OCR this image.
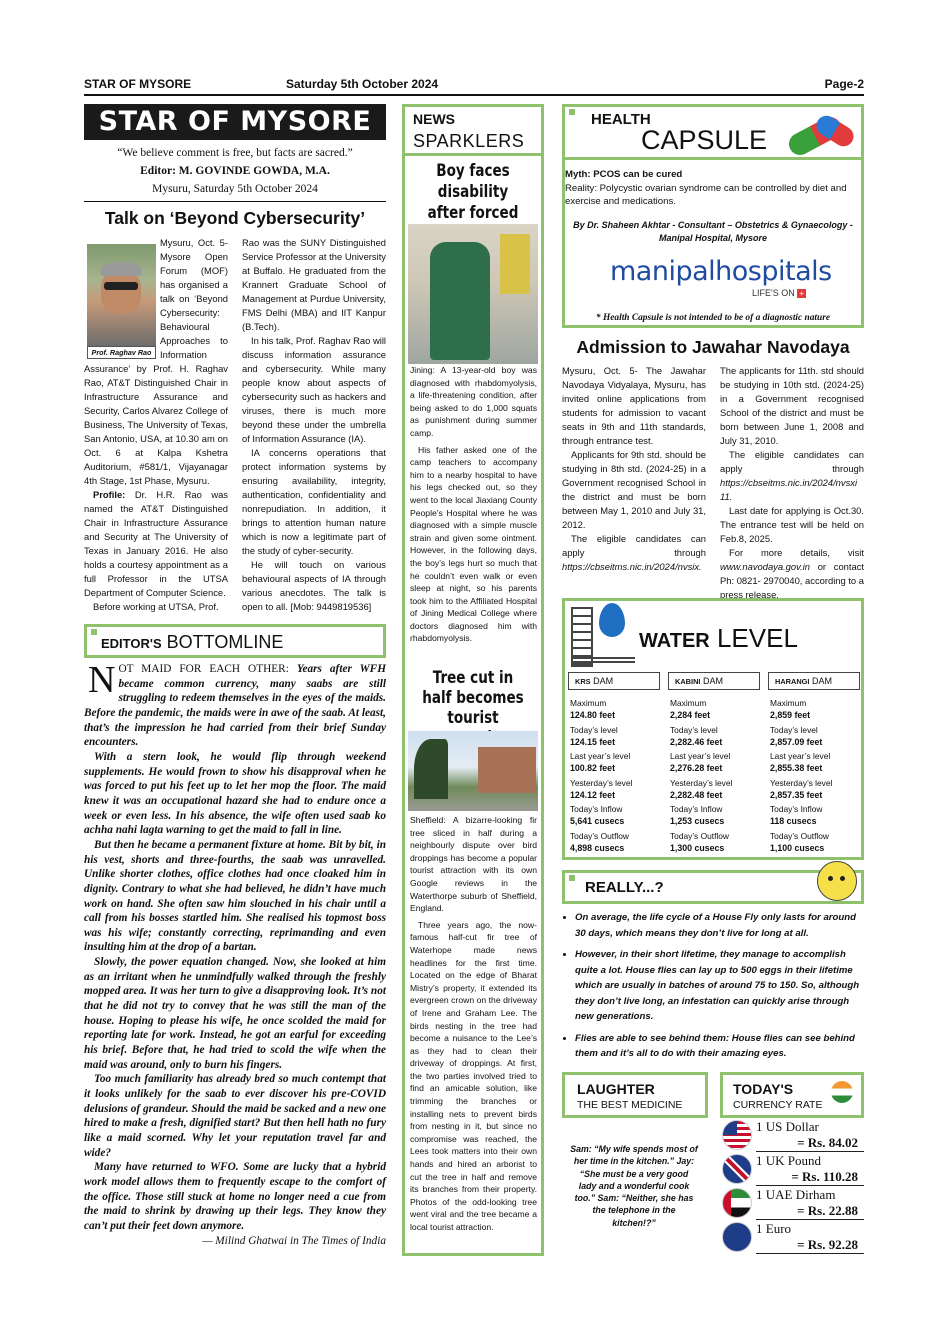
STAR OF MYSORE	Saturday 5th October 2024	Page-2
STAR OF MYSORE
“We believe comment is free, but facts are sacred.”
Editor: M. GOVINDE GOWDA, M.A.
Mysuru, Saturday 5th October 2024
Talk on ‘Beyond Cybersecurity’
Prof. Raghav Rao
Mysuru, Oct. 5- Mysore Open Forum (MOF) has organised a talk on ‘Beyond Cybersecurity: Behavioural Approaches to Information

Assurance’ by Prof. H. Raghav Rao, AT&T Distinguished Chair in Infrastructure Assurance and Security, Carlos Alvarez College of Business, The University of Texas, San Antonio, USA, at 10.30 am on Oct. 6 at Kalpa Kshetra Auditorium, #581/1, Vijayanagar 4th Stage, 1st Phase, Mysuru.

Profile: Dr. H.R. Rao was named the AT&T Distinguished Chair in Infrastructure Assurance and Security at The University of Texas in January 2016. He also holds a courtesy appointment as a full Professor in the UTSA Department of Computer Science.

Before working at UTSA, Prof.

Rao was the SUNY Distinguished Service Professor at the University at Buffalo. He graduated from the Krannert Graduate School of Management at Purdue University, FMS Delhi (MBA) and IIT Kanpur (B.Tech).

In his talk, Prof. Raghav Rao will discuss information assurance and cybersecurity. While many people know about aspects of cybersecurity such as hackers and viruses, there is much more beyond these under the umbrella of Information Assurance (IA).

IA concerns operations that protect information systems by ensuring availability, integrity, authentication, confidentiality and nonrepudiation. In addition, it brings to attention human nature which is now a legitimate part of the study of cyber-security.

He will touch on various behavioural aspects of IA through various anecdotes. The talk is open to all. [Mob: 9449819536]

EDITOR'S BOTTOMLINE

NOT MAID FOR EACH OTHER: Years after WFH became common currency, many saabs are still struggling to redeem themselves in the eyes of the maids. Before the pandemic, the maids were in awe of the saab. At least, that’s the impression he had carried from their brief Sunday encounters.

With a stern look, he would flip through weekend supplements. He would frown to show his disapproval when he was forced to put his feet up to let her mop the floor. The maid knew it was an occupational hazard she had to endure once a week or even less. In his absence, the wife often used saab ko achha nahi lagta warning to get the maid to fall in line.

But then he became a permanent fixture at home. Bit by bit, in his vest, shorts and three-fourths, the saab was unravelled. Unlike shorter clothes, office clothes had once cloaked him in dignity. Contrary to what she had believed, he didn’t have much work on hand. She often saw him slouched in his chair until a call from his bosses startled him. She realised his topmost boss was his wife; constantly correcting, reprimanding and even insulting him at the drop of a bartan.

Slowly, the power equation changed. Now, she looked at him as an irritant when he unmindfully walked through the freshly mopped area. It was her turn to give a disapproving look. It’s not that he did not try to convey that he was still the man of the house. Hoping to please his wife, he once scolded the maid for reporting late for work. Instead, he got an earful for exceeding his brief. Before that, he had tried to scold the wife when the maid was around, only to burn his fingers.

Too much familiarity has already bred so much contempt that it looks unlikely for the saab to ever discover his pre-COVID delusions of grandeur. Should the maid be sacked and a new one hired to make a fresh, dignified start? But then hell hath no fury like a maid scorned. Why let your reputation travel far and wide?

Many have returned to WFO. Some are lucky that a hybrid work model allows them to frequently escape to the comfort of the office. Those still stuck at home no longer need a cue from the maid to shrink by drawing up their legs. They know they can’t put their feet down anymore.

— Milind Ghatwai in The Times of India

NEWS
SPARKLERS
Boy faces disability after forced

Jining: A 13-year-old boy was diagnosed with rhabdomyolysis, a life-threatening condition, after being asked to do 1,000 squats as punishment during summer camp.

His father asked one of the camp teachers to accompany him to a nearby hospital to have his legs checked out, so they went to the local Jiaxiang County People’s Hospital where he was diagnosed with a simple muscle strain and given some ointment. However, in the following days, the boy’s legs hurt so much that he couldn’t even walk or even sleep at night, so his parents took him to the Affiliated Hospital of Jining Medical College where doctors diagnosed him with rhabdomyolysis.

Tree cut in half becomes tourist

Sheffield: A bizarre-looking fir tree sliced in half during a neighbourly dispute over bird droppings has become a popular tourist attraction with its own Google reviews in the Waterthorpe suburb of Sheffield, England.

Three years ago, the now-famous half-cut fir tree of Waterhope made news headlines for the first time. Located on the edge of Bharat Mistry’s property, it extended its evergreen crown on the driveway of Irene and Graham Lee. The birds nesting in the tree had become a nuisance to the Lee’s as they had to clean their driveway of droppings. At first, the two parties involved tried to find an amicable solution, like trimming the branches or installing nets to prevent birds from nesting in it, but since no compromise was reached, the Lees took matters into their own hands and hired an arborist to cut the tree in half and remove its branches from their property. Photos of the odd-looking tree went viral and the tree became a local tourist attraction.

HEALTH
CAPSULE
Myth: PCOS can be cured
Reality: Polycystic ovarian syndrome can be controlled by diet and exercise and medications.
By Dr. Shaheen Akhtar - Consultant – Obstetrics & Gynaecology - Manipal Hospital, Mysore
manipalhospitals
LIFE'S ON +
* Health Capsule is not intended to be of a diagnostic nature
Admission to Jawahar Navodaya

Mysuru, Oct. 5- The Jawahar Navodaya Vidyalaya, Mysuru, has invited online applications from students for admission to vacant seats in 9th and 11th standards, through entrance test.

Applicants for 9th std. should be studying in 8th std. (2024-25) in a Government recognised School in the district and must be born between May 1, 2010 and July 31, 2012.

The eligible candidates can apply through https://cbseitms.nic.in/2024/nvsix.

The applicants for 11th. std should be studying in 10th std. (2024-25) in a Government recognised School of the district and must be born between June 1, 2008 and July 31, 2010.

The eligible candidates can apply through https://cbseitms.nic.in/2024/nvsxi 11.

Last date for applying is Oct.30. The entrance test will be held on Feb.8, 2025.

For more details, visit www.navodaya.gov.in or contact Ph: 0821- 2970040, according to a press release.

WATER LEVEL
KRS DAM
Maximum
124.80 feet
Today’s level
124.15 feet
Last year’s level
100.82 feet
Yesterday’s level
124.12 feet
Today’s Inflow
5,641 cusecs
Today’s Outflow
4,898 cusecs
KABINI DAM
Maximum
2,284 feet
Today’s level
2,282.46 feet
Last year’s level
2,276.28 feet
Yesterday’s level
2,282.48 feet
Today’s Inflow
1,253 cusecs
Today’s Outflow
1,300 cusecs
HARANGI DAM
Maximum
2,859 feet
Today’s level
2,857.09 feet
Last year’s level
2,855.38 feet
Yesterday’s level
2,857.35 feet
Today’s Inflow
118 cusecs
Today’s Outflow
1,100 cusecs
REALLY...?
• On average, the life cycle of a House Fly only lasts for around 30 days, which means they don’t live for long at all.
• However, in their short lifetime, they manage to accomplish quite a lot. House flies can lay up to 500 eggs in their lifetime which are usually in batches of around 75 to 150. So, although they don’t live long, an infestation can quickly arise through new generations.
• Flies are able to see behind them: House flies can see behind them and it’s all to do with their amazing eyes.
LAUGHTER
THE BEST MEDICINE
Sam: “My wife spends most of her time in the kitchen.” Jay: “She must be a very good lady and a wonderful cook too.” Sam: “Neither, she has the telephone in the kitchen!?”
TODAY'S
CURRENCY RATE
1 US Dollar
= Rs. 84.02
1 UK Pound
= Rs. 110.28
1 UAE Dirham
= Rs. 22.88
1 Euro
= Rs. 92.28
